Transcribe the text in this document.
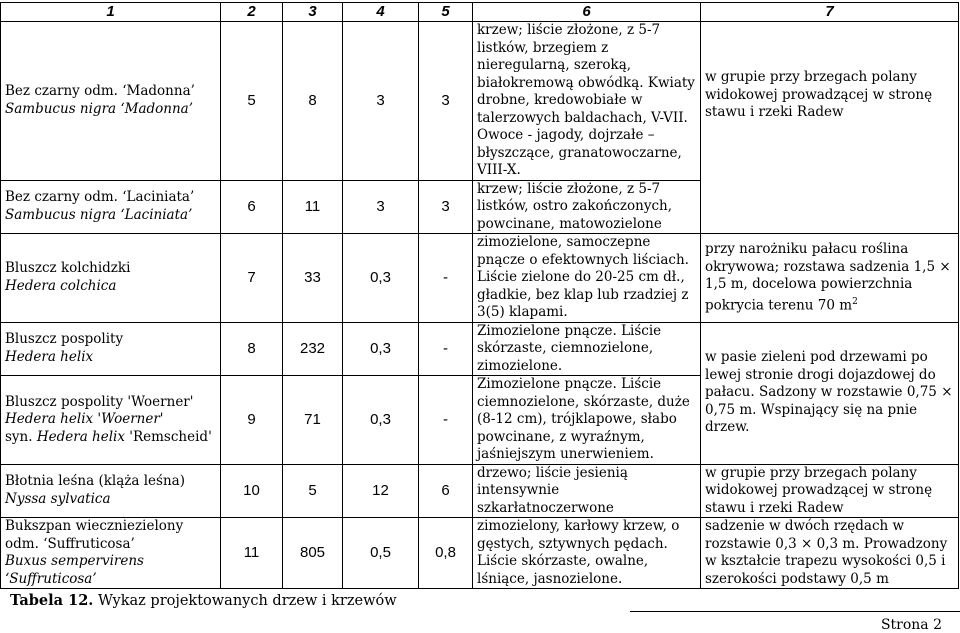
1	2	3	4	5	6	7

Bez czarny odm. ‘Madonna’
Sambucus nigra ‘Madonna’	5	8	3	3	krzew; liście złożone, z 5-7 listków, brzegiem z nieregularną, szeroką, białokremową obwódką. Kwiaty drobne, kredowobiałe w talerzowych baldachach, V-VII. Owoce - jagody, dojrzałe – błyszczące, granatowoczarne, VIII-X.	w grupie przy brzegach polany widokowej prowadzącej w stronę stawu i rzeki Radew

Bez czarny odm. ‘Laciniata’
Sambucus nigra ‘Laciniata’	6	11	3	3	krzew; liście złożone, z 5-7 listków, ostro zakończonych, powcinane, matowozielone	

Bluszcz kolchidzki
Hedera colchica	7	33	0,3	-	zimozielone, samoczepne pnącze o efektownych liściach. Liście zielone do 20-25 cm dł., gładkie, bez klap lub rzadziej z 3(5) klapami.	przy narożniku pałacu roślina okrywowa; rozstawa sadzenia 1,5 × 1,5 m, docelowa powierzchnia pokrycia terenu 70 $m^2$

Bluszcz pospolity
Hedera helix	8	232	0,3	-	Zimozielone pnącze. Liście skórzaste, ciemnozielone, zimozielone.	w pasie zieleni pod drzewami po lewej stronie drogi dojazdowej do pałacu. Sadzony w rozstawie 0,75 × 0,75 m. Wspinający się na pnie drzew.

Bluszcz pospolity 'Woerner'
Hedera helix 'Woerner'
syn. Hedera helix 'Remscheid'	9	71	0,3	-	Zimozielone pnącze. Liście ciemnozielone, skórzaste, duże (8-12 cm), trójklapowe, słabo powcinane, z wyraźnym, jaśniejszym unerwieniem.	

Błotnia leśna (klążа leśna)
Nyssa sylvatica	10	5	12	6	drzewo; liście jesienią intensywnie szkarłatnoczerwone	w grupie przy brzegach polany widokowej prowadzącej w stronę stawu i rzeki Radew

Bukszpan wieczniezielony odm. ‘Suffruticosa’
Buxus sempervirens ‘Suffruticosa’	11	805	0,5	0,8	zimozielony, karłowy krzew, o gęstych, sztywnych pędach. Liście skórzaste, owalne, lśniące, jasnozielone.	sadzenie w dwóch rzędach w rozstawie 0,3 × 0,3 m. Prowadzony w kształcie trapezu wysokości 0,5 i szerokości podstawy 0,5 m
Tabela 12. Wykaz projektowanych drzew i krzewów
Strona 2
